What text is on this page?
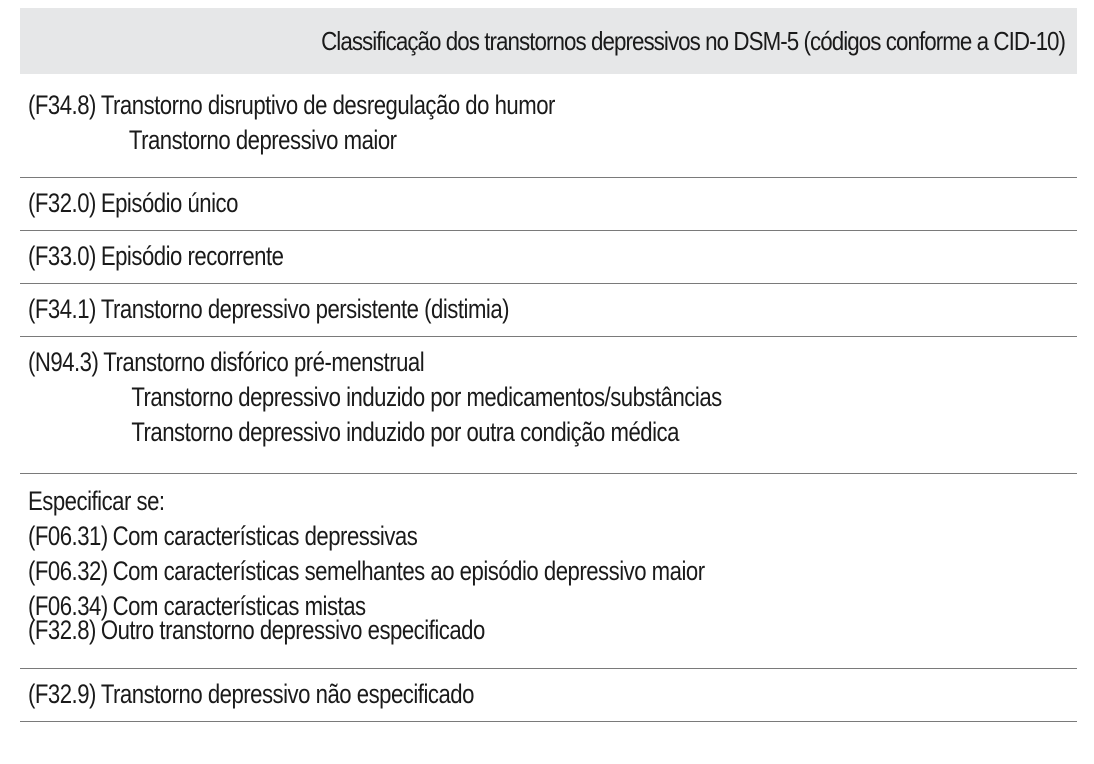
Classificação dos transtornos depressivos no DSM-5 (códigos conforme a CID-10)
(F34.8) Transtorno disruptivo de desregulação do humor
Transtorno depressivo maior
(F32.0) Episódio único
(F33.0) Episódio recorrente
(F34.1) Transtorno depressivo persistente (distimia)
(N94.3) Transtorno disfórico pré-menstrual
Transtorno depressivo induzido por medicamentos/substâncias
Transtorno depressivo induzido por outra condição médica
Especificar se:
(F06.31) Com características depressivas
(F06.32) Com características semelhantes ao episódio depressivo maior
(F06.34) Com características mistas
(F32.8) Outro transtorno depressivo especificado
(F32.9) Transtorno depressivo não especificado
